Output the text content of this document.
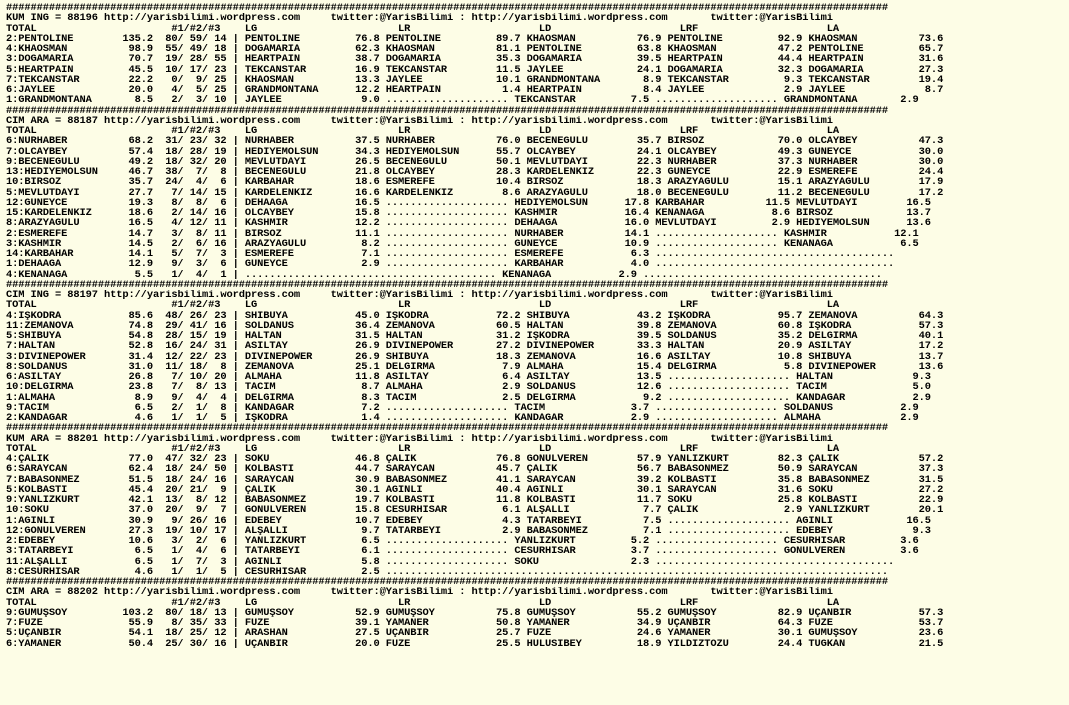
################################################################################################################################################
KUM ING = 88196 http://yarisbilimi.wordpress.com     twitter:@YarisBilimi : http://yarisbilimi.wordpress.com       twitter:@YarisBilimi
TOTAL                      #1/#2/#3    LG                       LR                     LD                     LRF                     LA
2:PENTOLINE        135.2  80/ 59/ 14 | PENTOLINE         76.8 PENTOLINE         89.7 KHAOSMAN          76.9 PENTOLINE         92.9 KHAOSMAN          73.6
4:KHAOSMAN          98.9  55/ 49/ 18 | DOĞAMARIA         62.3 KHAOSMAN          81.1 PENTOLINE         63.8 KHAOSMAN          47.2 PENTOLINE         65.7
3:DOĞAMARIA         70.7  19/ 28/ 55 | HEARTPAIN         38.7 DOĞAMARIA         35.3 DOĞAMARIA         39.5 HEARTPAIN         44.4 HEARTPAIN         31.6
5:HEARTPAIN         45.5  10/ 17/ 23 | TEKCANSTAR        16.9 TEKCANSTAR        11.5 JAYLEE            24.1 DOĞAMARIA         32.3 DOĞAMARIA         27.3
7:TEKCANSTAR        22.2   0/  9/ 25 | KHAOSMAN          13.3 JAYLEE            10.1 GRANDMONTANA       8.9 TEKCANSTAR         9.3 TEKCANSTAR        19.4
6:JAYLEE            20.0   4/  5/ 25 | GRANDMONTANA      12.2 HEARTPAIN          1.4 HEARTPAIN          8.4 JAYLEE             2.9 JAYLEE             8.7
1:GRANDMONTANA       8.5   2/  3/ 10 | JAYLEE             9.0 .................... TEKCANSTAR         7.5 .................... GRANDMONTANA       2.9
################################################################################################################################################
CIM ARA = 88187 http://yarisbilimi.wordpress.com     twitter:@YarisBilimi : http://yarisbilimi.wordpress.com       twitter:@YarisBilimi
TOTAL                      #1/#2/#3    LG                       LR                     LD                     LRF                     LA
6:NURHABER          68.2  31/ 23/ 32 | NURHABER          37.5 NURHABER          76.0 BECENEGÜLÜ        35.7 BİRSÖZ            70.0 OLCAYBEY          47.3
7:OLCAYBEY          57.4  18/ 28/ 19 | HEDİYEMOLSUN      34.3 HEDİYEMOLSUN      55.7 OLCAYBEY          24.1 OLCAYBEY          49.3 GÜNEYCE           30.0
9:BECENEGÜLÜ        49.2  18/ 32/ 20 | MEVLÜTDAYI        26.5 BECENEGÜLÜ        50.1 MEVLÜTDAYI        22.3 NURHABER          37.3 NURHABER          30.0
13:HEDİYEMOLSUN     46.7  38/  7/  8 | BECENEGÜLÜ        21.8 OLCAYBEY          28.3 KARDELENKIZ       22.3 GÜNEYCE           22.9 ESMEREFE          24.4
10:BİRSÖZ           35.7  24/  4/  6 | KARBAHAR          18.6 ESMEREFE          10.4 BİRSÖZ            18.3 ARAZYAGÜLÜ        15.1 ARAZYAGÜLÜ        17.9
5:MEVLÜTDAYI        27.7   7/ 14/ 15 | KARDELENKIZ       16.6 KARDELENKIZ        8.6 ARAZYAGÜLÜ        18.0 BECENEGÜLÜ        11.2 BECENEGÜLÜ        17.2
12:GÜNEYCE          19.3   8/  8/  6 | DEHAAĞA           16.5 .................... HEDİYEMOLSUN      17.8 KARBAHAR          11.5 MEVLÜTDAYI        16.5
15:KARDELENKIZ      18.6   2/ 14/ 16 | OLCAYBEY          15.8 .................... KASHMIR           16.4 KENANAĞA           8.6 BİRSÖZ            13.7
8:ARAZYAGÜLÜ        16.5   4/ 12/ 11 | KASHMIR           12.2 .................... DEHAAĞA           16.0 MEVLÜTDAYI         2.9 HEDİYEMOLSUN      13.6
2:ESMEREFE          14.7   3/  8/ 11 | BİRSÖZ            11.1 .................... NURHABER          14.1 .................... KASHMIR           12.1
3:KASHMIR           14.5   2/  6/ 16 | ARAZYAGÜLÜ         8.2 .................... GÜNEYCE           10.9 .................... KENANAĞA           6.5
14:KARBAHAR         14.1   5/  7/  3 | ESMEREFE           7.1 .................... ESMEREFE           6.3 .......................................
1:DEHAAĞA           12.9   9/  3/  6 | GÜNEYCE            2.9 .................... KARBAHAR           4.0 .......................................
4:KENANAĞA           5.5   1/  4/  1 | ......................................... KENANAĞA           2.9 .......................................
################################################################################################################################################
CIM ING = 88197 http://yarisbilimi.wordpress.com     twitter:@YarisBilimi : http://yarisbilimi.wordpress.com       twitter:@YarisBilimi
TOTAL                      #1/#2/#3    LG                       LR                     LD                     LRF                     LA
4:İŞKODRA           85.6  48/ 26/ 23 | SHIBUYA           45.0 İŞKODRA           72.2 SHIBUYA           43.2 İŞKODRA           95.7 ZEMANOVA          64.3
11:ZEMANOVA         74.8  29/ 41/ 16 | SOLDANUS          36.4 ZEMANOVA          60.5 HALTAN            39.8 ZEMANOVA          60.8 İŞKODRA           57.3
5:SHIBUYA           54.8  28/ 15/ 19 | HALTAN            31.5 HALTAN            31.2 İŞKODRA           39.5 SOLDANUS          35.2 DELGİRMA          40.1
7:HALTAN            52.8  16/ 24/ 31 | ASİLTAY           26.9 DIVINEPOWER       27.2 DIVINEPOWER       33.3 HALTAN            20.9 ASİLTAY           17.2
3:DIVINEPOWER       31.4  12/ 22/ 23 | DIVINEPOWER       26.9 SHIBUYA           18.3 ZEMANOVA          16.6 ASİLTAY           10.8 SHIBUYA           13.7
8:SOLDANUS          31.0  11/ 18/  8 | ZEMANOVA          25.1 DELGİRMA           7.9 ALMAHA            15.4 DELGİRMA           5.8 DIVINEPOWER       13.6
6:ASİLTAY           26.8   7/ 10/ 20 | ALMAHA            11.8 ASİLTAY            6.4 ASİLTAY           13.5 .................... HALTAN             9.3
10:DELGİRMA         23.8   7/  8/ 13 | TACIM              8.7 ALMAHA             2.9 SOLDANUS          12.6 .................... TACIM              5.0
1:ALMAHA             8.9   9/  4/  4 | DELGİRMA           8.3 TACIM              2.5 DELGİRMA           9.2 .................... KANDAGAR           2.9
9:TACIM              6.5   2/  1/  8 | KANDAGAR           7.2 .................... TACIM              3.7 .................... SOLDANUS           2.9
2:KANDAGAR           4.6   1/  1/  5 | İŞKODRA            1.4 .................... KANDAGAR           2.9 .................... ALMAHA             2.9
################################################################################################################################################
KUM ARA = 88201 http://yarisbilimi.wordpress.com     twitter:@YarisBilimi : http://yarisbilimi.wordpress.com       twitter:@YarisBilimi
TOTAL                      #1/#2/#3    LG                       LR                     LD                     LRF                     LA
4:ÇALIK             77.0  47/ 32/ 23 | SOKU              46.8 ÇALIK             76.8 GÖNÜLVEREN        57.9 YANLIZKURT        82.3 ÇALIK             57.2
6:SARAYCAN          62.4  18/ 24/ 50 | KOLBASTI          44.7 SARAYCAN          45.7 ÇALIK             56.7 BABASÖNMEZ        50.9 SARAYCAN          37.3
7:BABASÖNMEZ        51.5  18/ 24/ 16 | SARAYCAN          30.9 BABASÖNMEZ        41.1 SARAYCAN          39.2 KOLBASTI          35.8 BABASÖNMEZ        31.5
5:KOLBASTI          45.4  20/ 21/  9 | ÇALIK             30.1 AĞINLI            40.4 AĞINLI            30.1 SARAYCAN          31.6 SOKU              27.2
9:YANLIZKURT        42.1  13/  8/ 12 | BABASÖNMEZ        19.7 KOLBASTI          11.8 KOLBASTI          11.7 SOKU              25.8 KOLBASTI          22.9
10:SOKU             37.0  20/  9/  7 | GÖNÜLVEREN        15.8 CESURHİSAR         6.1 ALŞALLI            7.7 ÇALIK              2.9 YANLIZKURT        20.1
1:AĞINLI            30.9   9/ 26/ 16 | EDEBEY            10.7 EDEBEY             4.3 TATARBEYİ          7.5 .................... AĞINLI            16.5
12:GÖNÜLVEREN       27.3  19/ 10/ 17 | ALŞALLI            9.7 TATARBEYİ          2.9 BABASÖNMEZ         7.1 .................... EDEBEY             9.3
2:EDEBEY            10.6   3/  2/  6 | YANLIZKURT         6.5 .................... YANLIZKURT         5.2 .................... CESURHİSAR         3.6
3:TATARBEYİ          6.5   1/  4/  6 | TATARBEYİ          6.1 .................... CESURHİSAR         3.7 .................... GÖNÜLVEREN         3.6
11:ALŞALLI           6.5   1/  7/  3 | AĞINLI             5.8 .................... SOKU               2.3 .......................................
8:CESURHİSAR         4.6   1/  1/  5 | CESURHİSAR         2.5 ..................................................................................
################################################################################################################################################
CIM ARA = 88202 http://yarisbilimi.wordpress.com     twitter:@YarisBilimi : http://yarisbilimi.wordpress.com       twitter:@YarisBilimi
TOTAL                      #1/#2/#3    LG                       LR                     LD                     LRF                     LA
9:GÜMÜŞSOY         103.2  80/ 18/ 13 | GÜMÜŞSOY          52.9 GÜMÜŞSOY          75.8 GÜMÜŞSOY          55.2 GÜMÜŞSOY          82.9 UÇANBİR           57.3
7:FÜZE              55.9   8/ 35/ 33 | FÜZE              39.1 YAMANER           50.8 YAMANER           34.9 UÇANBİR           64.3 FÜZE              53.7
5:UÇANBİR           54.1  18/ 25/ 12 | ARASHAN           27.5 UÇANBİR           25.7 FÜZE              24.6 YAMANER           30.1 GÜMÜŞSOY          23.6
6:YAMANER           50.4  25/ 30/ 16 | UÇANBİR           20.0 FÜZE              25.5 HULUSİBEY         18.9 YILDIZTOZU        24.4 TUĞKAN            21.5
